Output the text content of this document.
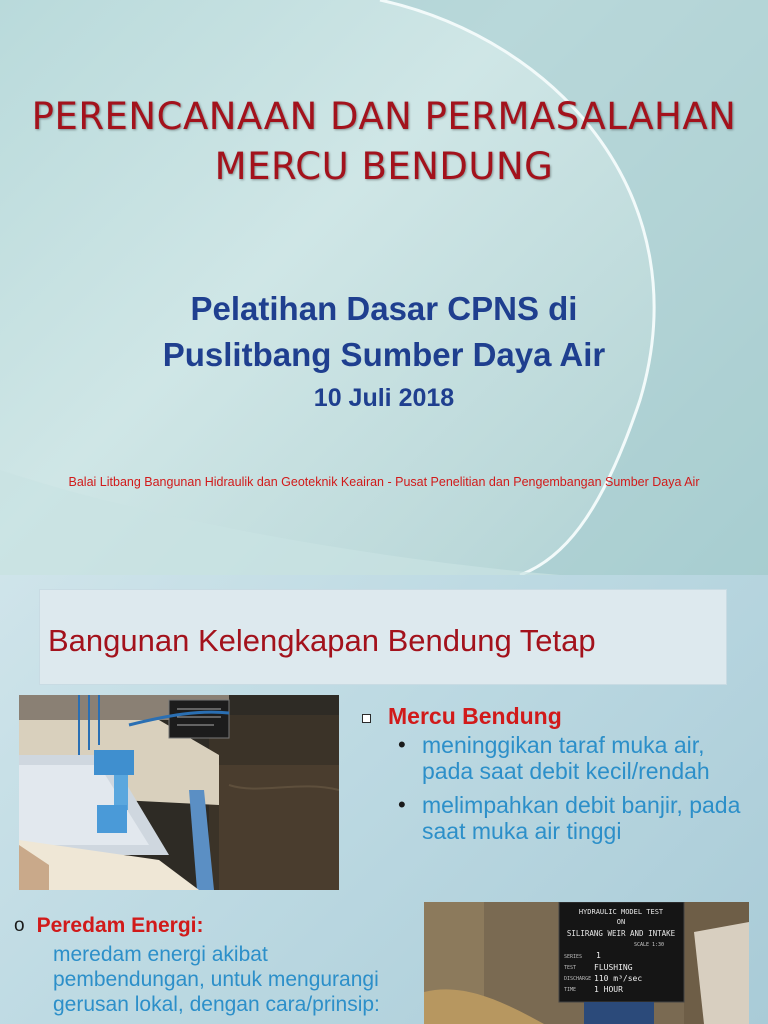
PERENCANAAN DAN PERMASALAHAN
MERCU BENDUNG
Pelatihan Dasar CPNS di
Puslitbang Sumber Daya Air
10 Juli 2018
Balai Litbang Bangunan Hidraulik dan Geoteknik Keairan - Pusat Penelitian dan Pengembangan Sumber Daya Air
Bangunan Kelengkapan Bendung Tetap
Mercu Bendung
• meninggikan taraf muka air, pada saat debit kecil/rendah
• melimpahkan debit banjir, pada saat muka air tinggi
o Peredam Energi:
meredam energi akibat pembendungan, untuk mengurangi gerusan lokal, dengan cara/prinsip:
HYDRAULIC MODEL TEST
ON
SILIRANG WEIR AND INTAKE
SCALE 1:30
SERIES 1
TEST FLUSHING
DISCHARGE 110 m³/sec
TIME 1 HOUR
